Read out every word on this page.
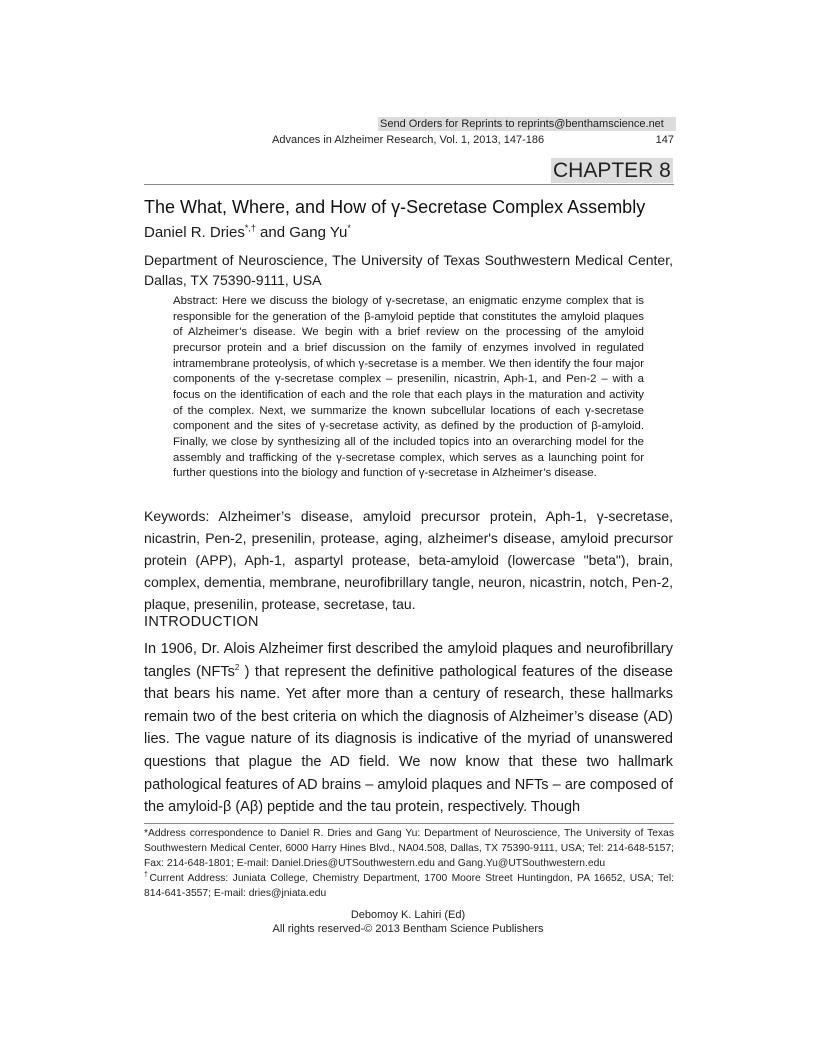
Send Orders for Reprints to reprints@benthamscience.net
Advances in Alzheimer Research, Vol. 1, 2013, 147-186	147
CHAPTER 8
The What, Where, and How of γ-Secretase Complex Assembly
Daniel R. Dries*,† and Gang Yu*
Department of Neuroscience, The University of Texas Southwestern Medical Center, Dallas, TX 75390-9111, USA
Abstract: Here we discuss the biology of γ-secretase, an enigmatic enzyme complex that is responsible for the generation of the β-amyloid peptide that constitutes the amyloid plaques of Alzheimer’s disease. We begin with a brief review on the processing of the amyloid precursor protein and a brief discussion on the family of enzymes involved in regulated intramembrane proteolysis, of which γ-secretase is a member. We then identify the four major components of the γ-secretase complex – presenilin, nicastrin, Aph-1, and Pen-2 – with a focus on the identification of each and the role that each plays in the maturation and activity of the complex. Next, we summarize the known subcellular locations of each γ-secretase component and the sites of γ-secretase activity, as defined by the production of β-amyloid. Finally, we close by synthesizing all of the included topics into an overarching model for the assembly and trafficking of the γ-secretase complex, which serves as a launching point for further questions into the biology and function of γ-secretase in Alzheimer’s disease.
Keywords: Alzheimer’s disease, amyloid precursor protein, Aph-1, γ-secretase, nicastrin, Pen-2, presenilin, protease, aging, alzheimer's disease, amyloid precursor protein (APP), Aph-1, aspartyl protease, beta-amyloid (lowercase "beta"), brain, complex, dementia, membrane, neurofibrillary tangle, neuron, nicastrin, notch, Pen-2, plaque, presenilin, protease, secretase, tau.
INTRODUCTION
In 1906, Dr. Alois Alzheimer first described the amyloid plaques and neurofibrillary tangles (NFTs$^2$ ) that represent the definitive pathological features of the disease that bears his name. Yet after more than a century of research, these hallmarks remain two of the best criteria on which the diagnosis of Alzheimer’s disease (AD) lies. The vague nature of its diagnosis is indicative of the myriad of unanswered questions that plague the AD field. We now know that these two hallmark pathological features of AD brains – amyloid plaques and NFTs – are composed of the amyloid-β (Aβ) peptide and the tau protein, respectively. Though

*Address correspondence to Daniel R. Dries and Gang Yu: Department of Neuroscience, The University of Texas Southwestern Medical Center, 6000 Harry Hines Blvd., NA04.508, Dallas, TX 75390-9111, USA; Tel: 214-648-5157; Fax: 214-648-1801; E-mail: Daniel.Dries@UTSouthwestern.edu and Gang.Yu@UTSouthwestern.edu

†Current Address: Juniata College, Chemistry Department, 1700 Moore Street Huntingdon, PA 16652, USA; Tel: 814-641-3557; E-mail: dries@jniata.edu

Debomoy K. Lahiri (Ed)
All rights reserved-© 2013 Bentham Science Publishers
